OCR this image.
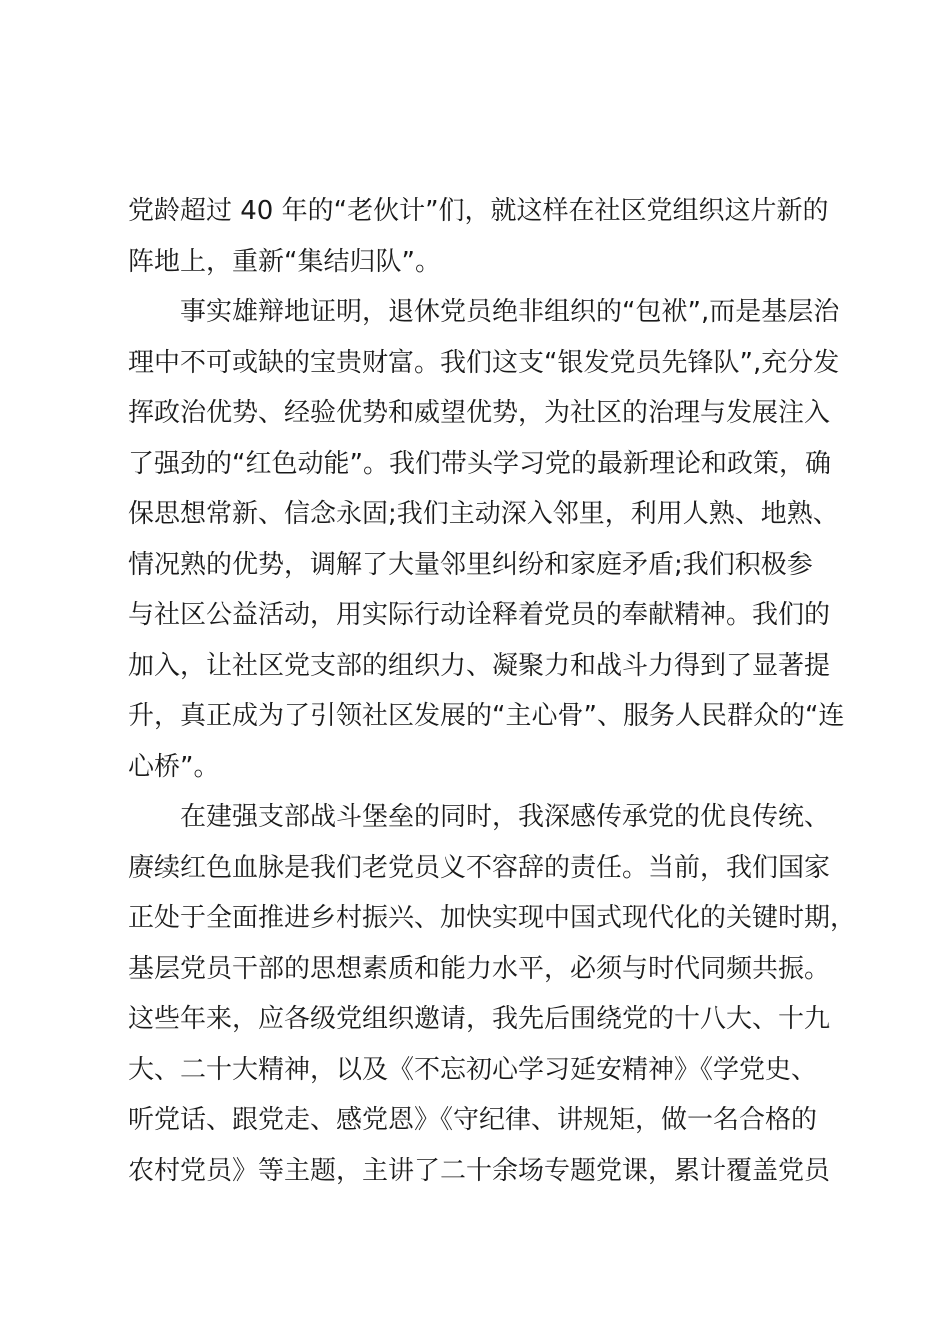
党龄超过 40 年的“老伙计”们，就这样在社区党组织这片新的
阵地上，重新“集结归队”。
事实雄辩地证明，退休党员绝非组织的“包袱”,而是基层治
理中不可或缺的宝贵财富。我们这支“银发党员先锋队”,充分发
挥政治优势、经验优势和威望优势，为社区的治理与发展注入
了强劲的“红色动能”。我们带头学习党的最新理论和政策，确
保思想常新、信念永固;我们主动深入邻里，利用人熟、地熟、
情况熟的优势，调解了大量邻里纠纷和家庭矛盾;我们积极参
与社区公益活动，用实际行动诠释着党员的奉献精神。我们的
加入，让社区党支部的组织力、凝聚力和战斗力得到了显著提
升，真正成为了引领社区发展的“主心骨”、服务人民群众的“连
心桥”。
在建强支部战斗堡垒的同时，我深感传承党的优良传统、
赓续红色血脉是我们老党员义不容辞的责任。当前，我们国家
正处于全面推进乡村振兴、加快实现中国式现代化的关键时期，
基层党员干部的思想素质和能力水平，必须与时代同频共振。
这些年来，应各级党组织邀请，我先后围绕党的十八大、十九
大、二十大精神，以及《不忘初心学习延安精神》《学党史、
听党话、跟党走、感党恩》《守纪律、讲规矩，做一名合格的
农村党员》等主题，主讲了二十余场专题党课，累计覆盖党员
